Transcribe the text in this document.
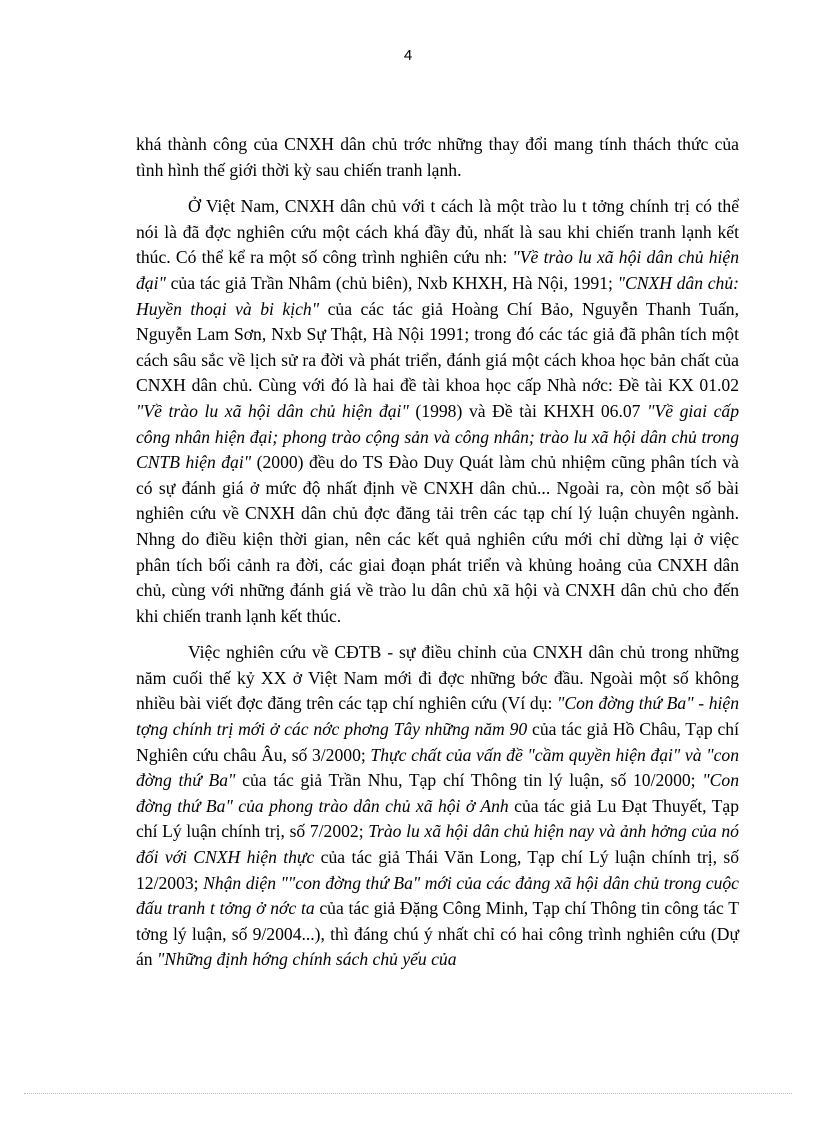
4

khá thành công của CNXH dân chủ trớc những thay đổi mang tính thách thức của tình hình thế giới thời kỳ sau chiến tranh lạnh.

Ở Việt Nam, CNXH dân chủ với t cách là một trào lu t tởng chính trị có thể nói là đã đợc nghiên cứu một cách khá đầy đủ, nhất là sau khi chiến tranh lạnh kết thúc. Có thể kể ra một số công trình nghiên cứu nh: "Về trào lu xã hội dân chủ hiện đại" của tác giả Trần Nhâm (chủ biên), Nxb KHXH, Hà Nội, 1991; "CNXH dân chủ: Huyền thoại và bi kịch" của các tác giả Hoàng Chí Bảo, Nguyễn Thanh Tuấn, Nguyễn Lam Sơn, Nxb Sự Thật, Hà Nội 1991; trong đó các tác giả đã phân tích một cách sâu sắc về lịch sử ra đời và phát triển, đánh giá một cách khoa học bản chất của CNXH dân chủ. Cùng với đó là hai đề tài khoa học cấp Nhà nớc: Đề tài KX 01.02 "Về trào lu xã hội dân chủ hiện đại" (1998) và Đề tài KHXH 06.07 "Về giai cấp công nhân hiện đại; phong trào cộng sản và công nhân; trào lu xã hội dân chủ trong CNTB hiện đại" (2000) đều do TS Đào Duy Quát làm chủ nhiệm cũng phân tích và có sự đánh giá ở mức độ nhất định về CNXH dân chủ... Ngoài ra, còn một số bài nghiên cứu về CNXH dân chủ đợc đăng tải trên các tạp chí lý luận chuyên ngành. Nhng do điều kiện thời gian, nên các kết quả nghiên cứu mới chỉ dừng lại ở việc phân tích bối cảnh ra đời, các giai đoạn phát triển và khủng hoảng của CNXH dân chủ, cùng với những đánh giá về trào lu dân chủ xã hội và CNXH dân chủ cho đến khi chiến tranh lạnh kết thúc.

Việc nghiên cứu về CĐTB - sự điều chỉnh của CNXH dân chủ trong những năm cuối thế kỷ XX ở Việt Nam mới đi đợc những bớc đầu. Ngoài một số không nhiều bài viết đợc đăng trên các tạp chí nghiên cứu (Ví dụ: "Con đờng thứ Ba" - hiện tợng chính trị mới ở các nớc phơng Tây những năm 90 của tác giả Hồ Châu, Tạp chí Nghiên cứu châu Âu, số 3/2000; Thực chất của vấn đề "cầm quyền hiện đại" và "con đờng thứ Ba" của tác giả Trần Nhu, Tạp chí Thông tin lý luận, số 10/2000; "Con đờng thứ Ba" của phong trào dân chủ xã hội ở Anh của tác giả Lu Đạt Thuyết, Tạp chí Lý luận chính trị, số 7/2002; Trào lu xã hội dân chủ hiện nay và ảnh hởng của nó đối với CNXH hiện thực của tác giả Thái Văn Long, Tạp chí Lý luận chính trị, số 12/2003; Nhận diện ""con đờng thứ Ba" mới của các đảng xã hội dân chủ trong cuộc đấu tranh t tởng ở nớc ta của tác giả Đặng Công Minh, Tạp chí Thông tin công tác T tởng lý luận, số 9/2004...), thì đáng chú ý nhất chỉ có hai công trình nghiên cứu (Dự án "Những định hớng chính sách chủ yếu của
